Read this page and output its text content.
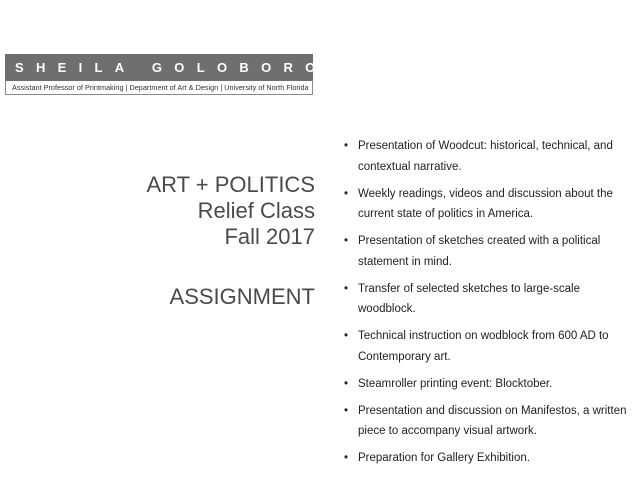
SHEILA GOLOBOROTKO
Assistant Professor of Printmaking | Department of Art & Design | University of North Florida
ART + POLITICS
Relief Class
Fall 2017
ASSIGNMENT
• Presentation of Woodcut: historical, technical, and contextual narrative.
• Weekly readings, videos and discussion about the current state of politics in America.
• Presentation of sketches created with a political statement in mind.
• Transfer of selected sketches to large-scale woodblock.
• Technical instruction on wodblock from 600 AD to Contemporary art.
• Steamroller printing event: Blocktober.
• Presentation and discussion on Manifestos, a written piece to accompany visual artwork.
• Preparation for Gallery Exhibition.
